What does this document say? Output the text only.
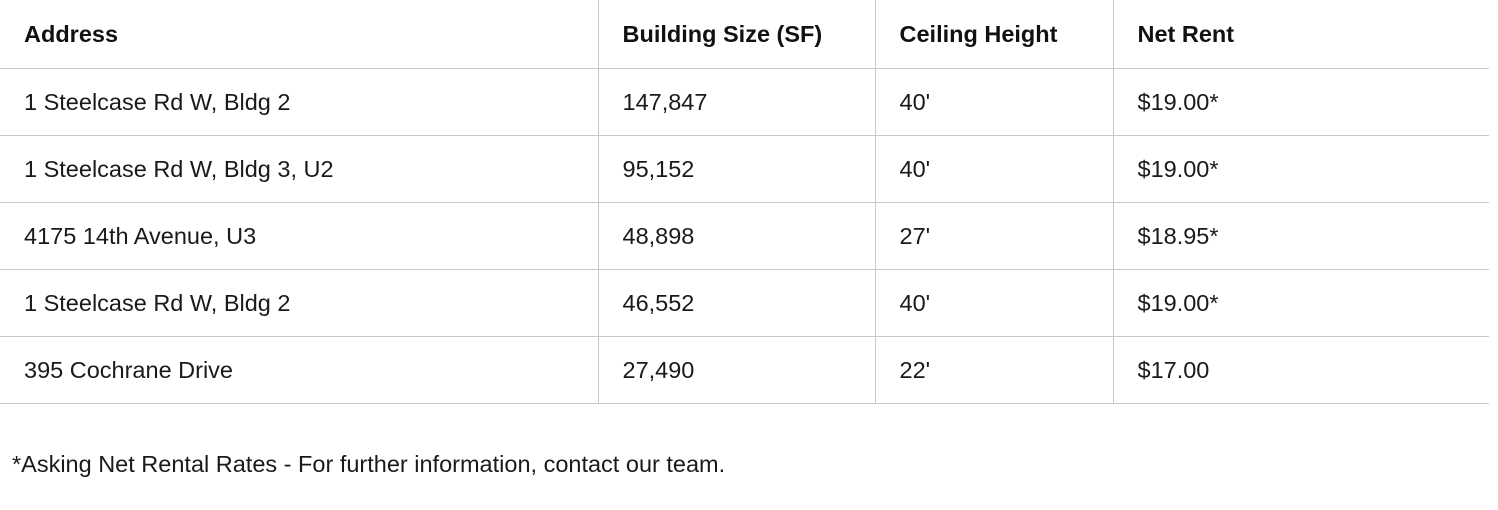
Address	Building Size (SF)	Ceiling Height	Net Rent
1 Steelcase Rd W, Bldg 2	147,847	40'	$19.00*
1 Steelcase Rd W, Bldg 3, U2	95,152	40'	$19.00*
4175 14th Avenue, U3	48,898	27'	$18.95*
1 Steelcase Rd W, Bldg 2	46,552	40'	$19.00*
395 Cochrane Drive	27,490	22'	$17.00
*Asking Net Rental Rates - For further information, contact our team.
